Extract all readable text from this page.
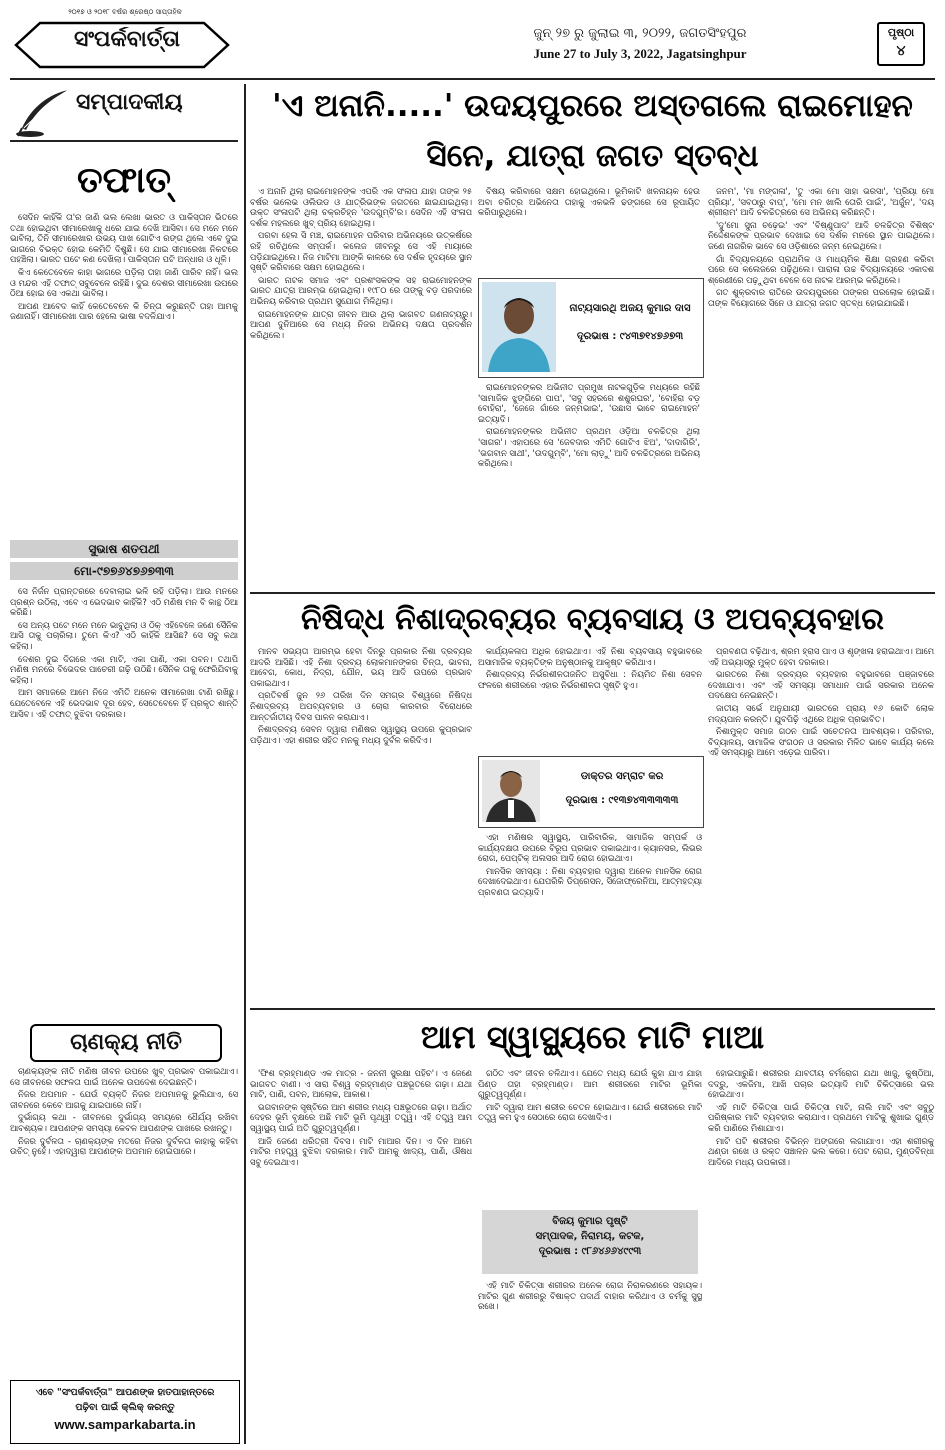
୨୦୧୭ ଓ ୨୦୧୮ ବର୍ଷର ଶ୍ରେଷ୍ଠ ସାପ୍ତାହିକ
ସଂପର୍କବାର୍ତ୍ତା	ଜୁନ୍ ୨୭ ରୁ ଜୁଲାଇ ୩, ୨୦୨୨, ଜଗତସିଂହପୁର
June 27 to July 3, 2022, Jagatsinghpur
ପୃଷ୍ଠା
୪
ସମ୍ପାଦକୀୟ
ତଫାତ୍

ସେଦିନ କାହିଁକି ତା'ର ଜାଣି ଭଲ ଲେଖା ଭାରତ ଓ ପାକିସ୍ତାନ ଭିତରେ ତଥା ହୋଇଥିବା ସୀମାରେଖାକୁ ଧରେ ଯାଇ ଦେଖି ଆସିବା। ସେ ମନେ ମନେ ଭାବିଲା, ତିନି ସୀମାରେଖାର ଉଭୟ ପାଖ ଗୋଟିଏ ରଙ୍ଗ ଥିଲେ ଏବେ ଦୁଇ ଭାଗରେ ବିଭକ୍ତ ହୋଇ କେମିତି ଦିଶୁଛି। ସେ ଯାଇ ସୀମାରେଖା ନିକଟରେ ପହଞ୍ଚିଲା। ଭାରତ ପଟେ କଣ ଦେଖିଲା। ପାକିସ୍ତାନ ପଟି ଅନ୍ଧାର ଓ ଧୂଳି।

କିଏ କେତେବେଳେ କାହା ଭାଗରେ ପଡ଼ିଲା ତାହା ଜାଣି ପାରିବ ନାହିଁ। ଭଲ ଓ ମନ୍ଦର ଏହି ତଫାତ୍ ସବୁବେଳେ ରହିଛି। ଦୁଇ ଦେଶର ସୀମାରେଖା ଉପରେ ଠିଆ ହୋଇ ସେ ଏକଥା ଭାବିଲା।

ଆପଣ ଆବେଦ କାହିଁ କେତେବେଳେ କି ଚିନ୍ତା କରୁଛନ୍ତି ତାହା ଆମକୁ ଜଣାନାହିଁ। ସୀମାରେଖା ପାର ହେଲେ ଭାଷା ବଦଳିଯାଏ।

ସୁଭାଷ ଶତପଥୀ
ମୋ-୯୭୭୬୪୭୬୭୩୩

ସେ ନିର୍ଜନ ପ୍ରାନ୍ତରରେ ଦେବାଲାଇ ଭଳି ରହି ପଡ଼ିଲା। ଆଉ ମନରେ ପ୍ରଶ୍ନ ଉଠିଲା, ଏବେ ଏ ଭେଦଭାବ କାହିଁକି? ଏଠି ମଣିଷ ମନ ବି କାନ୍ଥ ଠିଆ କରିଛି।

ସେ ଅନ୍ୟ ପଟେ ମନେ ମନେ ଭାବୁଥିଲା ଓ ଠିକ୍ ଏହିବେଳେ ଜଣେ ସୈନିକ ଆସି ତାକୁ ପଚାରିଲା। ତୁମେ କିଏ? ଏଠି କାହିଁକି ଆସିଛ? ସେ ସବୁ କଥା କହିଲା।

ଦେଶର ଦୁଇ ଦିଗରେ ଏକା ମାଟି, ଏକା ପାଣି, ଏକା ପବନ। ତଥାପି ମଣିଷ ମନରେ ବିଭେଦର ପାଚେରୀ ଗଢ଼ି ଉଠିଛି। ସୈନିକ ତାକୁ ଫେରିଯିବାକୁ କହିଲା।

ଆମ ସମାଜରେ ଆମେ ନିଜେ ଏମିତି ଅନେକ ସୀମାରେଖା ଟାଣି ରଖିଛୁ। ଯେତେବେଳେ ଏହି ଭେଦଭାବ ଦୂର ହେବ, ସେତେବେଳେ ହିଁ ପ୍ରକୃତ ଶାନ୍ତି ଆସିବ। ଏହି ତଫାତ୍ ବୁଝିବା ଦରକାର।

ଚାଣକ୍ୟ ନୀତି

ଚାଣକ୍ୟଙ୍କ ନୀତି ମଣିଷ ଜୀବନ ଉପରେ ଖୁବ୍ ପ୍ରଭାବ ପକାଇଥାଏ। ସେ ଜୀବନରେ ସଫଳତା ପାଇଁ ଅନେକ ଉପଦେଶ ଦେଇଛନ୍ତି।

ନିଜର ଅପମାନ - ଯେଉଁ ବ୍ୟକ୍ତି ନିଜର ଅପମାନକୁ ଭୁଲିଯାଏ, ସେ ଜୀବନରେ କେବେ ଆଗକୁ ଯାଇପାରେ ନାହିଁ।

ଦୁର୍ଭାଗ୍ୟ କଥା - ଜୀବନରେ ଦୁର୍ଭାଗ୍ୟ ସମୟରେ ଧୈର୍ଯ୍ୟ ରଖିବା ଆବଶ୍ୟକ। ଆପଣଙ୍କ ସମସ୍ୟା କେବଳ ଆପଣଙ୍କ ପାଖରେ ରଖନ୍ତୁ।

ନିଜର ଦୁର୍ବଳତା - ଚାଣକ୍ୟଙ୍କ ମତରେ ନିଜର ଦୁର୍ବଳତା କାହାକୁ କହିବା ଉଚିତ୍ ନୁହେଁ। ଏହାଦ୍ୱାରା ଆପଣଙ୍କ ଅପମାନ ହୋଇପାରେ।

ଏବେ "ସଂପର୍କବାର୍ତ୍ତା" ଆପଣଙ୍କ ହାତପାହାନ୍ତରେ
ପଢ଼ିବା ପାଇଁ କ୍ଲିକ୍ କରନ୍ତୁ
www.samparkabarta.in
'ଏ ଅନାନି.....' ଉଦୟପୁରରେ ଅସ୍ତଗଲେ ରାଇମୋହନ
ସିନେ, ଯାତ୍ରା ଜଗତ ସ୍ତବ୍ଧ

ଏ ଅନାନି ଥିଲା ରାଇମୋହନଙ୍କ ଏପରି ଏକ ସଂଳାପ ଯାହା ତାଙ୍କ ୨୫ ବର୍ଷର ଭଲେଭ ଓଲିଉଡ ଓ ଯାତ୍ରିଭଙ୍କ ଜଗତରେ ଛାଇଯାଇଥିଲା। ଉକ୍ତ ସଂଳାପଟି ଥିଲା ଚକ୍ରଚିହ୍ନ 'ଉଦଗୁମ୍ବି'ର। ସେଦିନ ଏହି ସଂଳାପ ଦର୍ଶକ ମହଲରେ ଖୁବ୍ ପ୍ରିୟ ହୋଇଥିଲା।

ପରବା ହେଲ ସି ମଞ୍ଚ, ରାଇମୋହନ ପରିବାର ଅଭିନୟରେ ଉତ୍କର୍ଷରେ ରହି ରଚିଥିଲେ ସମ୍ପର୍କ। କଲେଜ ଜୀବନରୁ ସେ ଏହି ମାୟାରେ ପଡ଼ିଯାଇଥିଲେ। ନିଜ ମାଟିମା ଆଙ୍କି କାଳରେ ସେ ଦର୍ଶକ ହୃଦୟରେ ସ୍ଥାନ ସୃଷ୍ଟି କରିବାରେ ସକ୍ଷମ ହୋଇଥିଲେ।

ଭାରତ ନାଟକ ସମାଜ ଏବଂ ପ୍ରଶଂସକଙ୍କ ସହ ରାଇମୋହନଙ୍କ ଭାରତ ଯାତ୍ରା ଆରମ୍ଭ ହୋଇଥିଲା। ୧୯୮୦ ରେ ତାଙ୍କୁ ବଡ଼ ପରଦାରେ ଅଭିନୟ କରିବାର ପ୍ରଥମ ସୁଯୋଗ ମିଳିଥିଲା।

ରାଇମୋହନଙ୍କ ଯାତ୍ରା ଜୀବନ ଆଉ ଥିଲା ଭାଗବତ ଗଣନାଟ୍ୟରୁ। ଆପଣ ଦୁନିଆରେ ସେ ମଧ୍ୟ ନିଜର ଅଭିନୟ ଦକ୍ଷତା ପ୍ରଦର୍ଶନ କରିଥିଲେ।

ନାଟ୍ୟସାରଥି ଅଜୟ କୁମାର ଦାସ
ଦୂରଭାଷ : ୯୪୩୭୧୪୭୬୭୩

ବିଷୟ କରିବାରେ ସକ୍ଷମ ହୋଇଥିଲେ। ଭୂମିକାଟି ଖଳନାୟକ ହେଉ ଅବା ଚରିତ୍ର ଅଭିନେତା ତାହାକୁ ଏକଭଳି ଢଙ୍ଗରେ ସେ ରୂପାୟିତ କରିପାରୁଥିଲେ।

ରାଇମୋହନଙ୍କର ଅଭିନୀତ ପ୍ରମୁଖ ନାଟକଗୁଡ଼ିକ ମଧ୍ୟରେ ରହିଛି 'ସାମାଜିକ ଝୁଙ୍ଗିରେ ପାପ', 'ସବୁ ସହରରେ ଶଶୁରଘର', 'ବୋହିରା ବଡ଼ ବୋହିରା', 'ଜେଜେ ଗାଁରେ ଜନ୍ମଭାଇ', 'ଉଛାସ ଭାବେ ରାଇମୋହନ' ଇତ୍ୟାଦି।

ରାଇମୋହନଙ୍କର ଅଭିନୀତ ପ୍ରଥମ ଓଡ଼ିଆ ଚଳଚ୍ଚିତ୍ର ଥିଲା 'ସାଗର'। ଏହାପରେ ସେ 'ଜେବଦାର ଏମିତି ଗୋଟିଏ ଝିଅ', 'ଦାଦାଗିରି', 'ଭଗବାନ ସାଥୀ', 'ଉଦଗୁମ୍ବି', 'ମୋ ଲାଡ଼ୁ' ଆଦି ଚଳଚ୍ଚିତ୍ରରେ ଅଭିନୟ କରିଥିଲେ।

ଜନମ', 'ମା ମଙ୍ଗଳା', 'ତୁ ଏକା ମୋ ସାହା ଭରସା', 'ପ୍ରିୟା ମୋ ପ୍ରିୟା', 'ସବଠାରୁ ବାପ୍', 'ମୋ ମନ ଖାଲି ତୋରି ପାଇଁ', 'ଅର୍ଜୁନ', 'ଦୟ ଶ୍ରୀରାମ' ଆଦି ଚଳଚ୍ଚିତ୍ରରେ ସେ ଅଭିନୟ କରିଛନ୍ତି।

'ଦୁ'ମୋ ସୁନା ଚଢ଼େଇ' ଏବଂ 'ବିଷ୍ଣୁପାଦ' ଆଦି ଚଳଚ୍ଚିତ୍ର ବିଶିଷ୍ଟ ନିର୍ଦ୍ଦେଶକଙ୍କ ପ୍ରଭାବ ଦେଖାଇ ସେ ଦର୍ଶକ ମନରେ ସ୍ଥାନ ପାଇଥିଲେ। ଜଣେ ନାଗରିକ ଭାବେ ସେ ଓଡ଼ିଶାରେ ଜନ୍ମ ନେଇଥିଲେ।

ଗାଁ ବିଦ୍ୟାଳୟରେ ପ୍ରାଥମିକ ଓ ମାଧ୍ୟମିକ ଶିକ୍ଷା ଗ୍ରହଣ କରିବା ପରେ ସେ କଲେଜରେ ପଢ଼ିଥିଲେ। ପାରାଳା ଉଚ୍ଚ ବିଦ୍ୟାଳୟରେ ଏକାଦଶ ଶ୍ରେଣୀରେ ପଢ଼ୁଥିବା ବେଳେ ସେ ନାଟକ ଆରମ୍ଭ କରିଥିଲେ।

ଗତ ଶୁକ୍ରବାର ରାତିରେ ଉଦୟପୁରରେ ତାଙ୍କର ପରଲୋକ ହୋଇଛି। ତାଙ୍କ ବିୟୋଗରେ ସିନେ ଓ ଯାତ୍ରା ଜଗତ ସ୍ତବ୍ଧ ହୋଇଯାଇଛି।

ନିଷିଦ୍ଧ ନିଶାଦ୍ରବ୍ୟର ବ୍ୟବସାୟ ଓ ଅପବ୍ୟବହାର

ମାନବ ସଭ୍ୟତା ଆରମ୍ଭ ହେବା ଦିନରୁ ପ୍ରକାର ନିଶା ଦ୍ରବ୍ୟର ଆଦରି ଆସିଛି। ଏହି ନିଶା ଦ୍ରବ୍ୟ ଲୋକମାନଙ୍କର ଚିନ୍ତା, ଭାବନା, ଆବେଗ, କୋଧ, ନିଦ୍ରା, ଯୌନ, ଭୟ ଆଦି ଉପରେ ପ୍ରଭାବ ପକାଇଥାଏ।

ପ୍ରତିବର୍ଷ ଜୁନ ୨୬ ତାରିଖ ଦିନ ସମଗ୍ର ବିଶ୍ୱରେ ନିଷିଦ୍ଧ ନିଶାଦ୍ରବ୍ୟ ଅପବ୍ୟବହାର ଓ ଚୋରା କାରବାର ବିରୋଧରେ ଆନ୍ତର୍ଜାତୀୟ ଦିବସ ପାଳନ କରାଯାଏ।

ନିଶାଦ୍ରବ୍ୟ ସେବନ ଦ୍ୱାରା ମଣିଷର ସ୍ୱାସ୍ଥ୍ୟ ଉପରେ କୁପ୍ରଭାବ ପଡ଼ିଥାଏ। ଏହା ଶରୀର ସହିତ ମନକୁ ମଧ୍ୟ ଦୁର୍ବଳ କରିଦିଏ।

ଡାକ୍ତର ସମ୍ରାଟ କର
ଦୂରଭାଷ : ୯୧୩୭୪୩୩୩୩୩

କାର୍ଯ୍ୟକଳାପ ଅଧିକ ହୋଇଥାଏ। ଏହି ନିଶା ବ୍ୟବସାୟ ବହୁଭାବରେ ଅସାମାଜିକ ବ୍ୟକ୍ତିଙ୍କ ଅନୁଷ୍ଠାନକୁ ଆକୃଷ୍ଟ କରିଥାଏ।

ନିଶାଦ୍ରବ୍ୟ ନିର୍ଭରଶୀଳତାଜନିତ ଅସୁବିଧା : ନିୟମିତ ନିଶା ସେବନ ଫଳରେ ଶରୀରରେ ଏହାର ନିର୍ଭରଶୀଳତା ସୃଷ୍ଟି ହୁଏ।

ଏହା ମଣିଷର ସ୍ୱାସ୍ଥ୍ୟ, ପାରିବାରିକ, ସାମାଜିକ ସମ୍ପର୍କ ଓ କାର୍ଯ୍ୟଦକ୍ଷତା ଉପରେ ବିରୂପ ପ୍ରଭାବ ପକାଇଥାଏ। କ୍ୟାନସର, ଲିଭର ରୋଗ, ପେପ୍ଟିକ୍ ଅଲସର ଆଦି ରୋଗ ହୋଇଥାଏ।

ମାନସିକ ସମସ୍ୟା : ନିଶା ବ୍ୟବହାର ଦ୍ୱାରା ଅନେକ ମାନସିକ ରୋଗ ଦେଖାଦେଇଥାଏ। ଯେପରିକି ଡିପ୍ରେସନ, ସିଜୋଫ୍ରେନିଆ, ଆତ୍ମହତ୍ୟା ପ୍ରବଣତା ଇତ୍ୟାଦି।

ପ୍ରବଣତା ବଢ଼ିଥାଏ, ଶ୍ରମ ହ୍ରାସ ପାଏ ଓ ଶୃଙ୍ଖଳା ହରାଇଥାଏ। ଆମେ ଏହି ଅଭ୍ୟାସରୁ ମୁକ୍ତ ହେବା ଦରକାର।

ଭାରତରେ ନିଶା ଦ୍ରବ୍ୟର ବ୍ୟବହାର ବହୁଭାବରେ ପଞ୍ଜାବରେ ଦେଖାଯାଏ। ଏବଂ ଏହି ସମସ୍ୟା ସମାଧାନ ପାଇଁ ସରକାର ଅନେକ ପଦକ୍ଷେପ ନେଇଛନ୍ତି।

ଜାତୀୟ ସର୍ଭେ ଅନୁଯାୟୀ ଭାରତରେ ପ୍ରାୟ ୧୬ କୋଟି ଲୋକ ମଦ୍ୟପାନ କରନ୍ତି। ଯୁବପିଢ଼ି ଏଥିରେ ଅଧିକ ପ୍ରଭାବିତ।

ନିଶାମୁକ୍ତ ସମାଜ ଗଠନ ପାଇଁ ସଚେତନତା ଆବଶ୍ୟକ। ପରିବାର, ବିଦ୍ୟାଳୟ, ସାମାଜିକ ସଂଗଠନ ଓ ସରକାର ମିଳିତ ଭାବେ କାର୍ଯ୍ୟ କଲେ ଏହି ସମସ୍ୟାରୁ ଆମେ ଏଡ଼େଇ ପାରିବା।

ଆମ ସ୍ୱାସ୍ଥ୍ୟରେ ମାଟି ମାଆ

'ଫିଶ ବ୍ରହ୍ମାଣ୍ଡ ଏକ ମାତ୍ର - ଜନନୀ ସୁରକ୍ଷା ପହିଚ'। ଏ ଜେଣେ ଭାଗବତ ବାଣୀ। ଏ ସାରା ବିଶ୍ୱ ବ୍ରହ୍ମାଣ୍ଡ ପଞ୍ଚଭୂତରେ ଗଢ଼ା। ଯଥା ମାଟି, ପାଣି, ପବନ, ଆଲୋକ, ଆକାଶ।

ଭଗବାନଙ୍କ ସୃଷ୍ଟିରେ ଆମ ଶରୀର ମଧ୍ୟ ପଞ୍ଚଭୂତରେ ଗଢ଼ା। ଅର୍ଥାତ ଦେହର ଭୂମି ବୃକ୍ଷରେ ଅଛି ମାଟି ଭୂମି ପୃଥ୍ୱୀ ତତ୍ତ୍ୱ। ଏହି ତତ୍ତ୍ୱ ଆମ ସ୍ୱାସ୍ଥ୍ୟ ପାଇଁ ଅତି ଗୁରୁତ୍ୱପୂର୍ଣ୍ଣ।

ଆଜି ଜେଣେ ଧରିତ୍ରୀ ଦିବସ। ମାଟି ମାଆର ଦିନ। ଏ ଦିନ ଆମେ ମାଟିର ମହତ୍ତ୍ୱ ବୁଝିବା ଦରକାର। ମାଟି ଆମକୁ ଖାଦ୍ୟ, ପାଣି, ଔଷଧ ସବୁ ଦେଇଥାଏ।

ଗଠିତ ଏବଂ ଜୀବନ ଚଳିଥାଏ। ଯେତେ ମଧ୍ୟ ଯେଉଁ କୁହା ଯାଏ ଯାହା ପିଣ୍ଡ ତାହା ବ୍ରହ୍ମାଣ୍ଡ। ଆମ ଶରୀରରେ ମାଟିର ଭୂମିକା ଗୁରୁତ୍ୱପୂର୍ଣ୍ଣ।

ମାଟି ଦ୍ୱାରା ଆମ ଶରୀର ଚେତନ ହୋଇଥାଏ। ଯେଉଁ ଶରୀରରେ ମାଟି ତତ୍ତ୍ୱ କମ ହୁଏ ସେଠାରେ ରୋଗ ଦେଖାଦିଏ।

ବିଜୟ କୁମାର ପୃଷ୍ଟି
ସମ୍ପାଦକ, ନିରାମୟ, କଟକ,
ଦୂରଭାଷ : ୯୮୬୪୬୬୪୯୯୩

ଏହି ମାଟି ଚିକିତ୍ସା ଶରୀରର ଅନେକ ରୋଗ ନିରାକରଣରେ ସହାୟକ। ମାଟିର ଗୁଣ ଶରୀରରୁ ବିଷାକ୍ତ ପଦାର୍ଥ ବାହାର କରିଥାଏ ଓ ଚର୍ମକୁ ସୁସ୍ଥ ରଖେ।

ହୋଇପାରୁଛି। ଶରୀରର ଯାବତୀୟ ଚର୍ମରୋଗ ଯଥା ଖାଜୁ, କୁଷ୍ଠିଆ, ଦଦ୍ରୁ, ଏକଜିମା, ଆଖି ପଚାର ଇତ୍ୟାଦି ମାଟି ଚିକିତ୍ସାରେ ଭଲ ହୋଇଥାଏ।

ଏହି ମାଟି ଚିକିତ୍ସା ପାଇଁ ଚିକିତ୍ସା ମାଟି, ନାଲି ମାଟି ଏବଂ ସବୁଠୁ ପରିଷ୍କାର ମାଟି ବ୍ୟବହାର କରାଯାଏ। ପ୍ରଥମେ ମାଟିକୁ ଶୁଖାଇ ଗୁଣ୍ଡ କରି ପାଣିରେ ମିଶାଯାଏ।

ମାଟି ପଟି ଶରୀରର ବିଭିନ୍ନ ଅଙ୍ଗରେ ଲଗାଯାଏ। ଏହା ଶରୀରକୁ ଥଣ୍ଡା ରଖେ ଓ ରକ୍ତ ସଞ୍ଚାଳନ ଭଲ କରେ। ପେଟ ରୋଗ, ମୁଣ୍ଡବିନ୍ଧା ଆଦିରେ ମଧ୍ୟ ଉପକାରୀ।
